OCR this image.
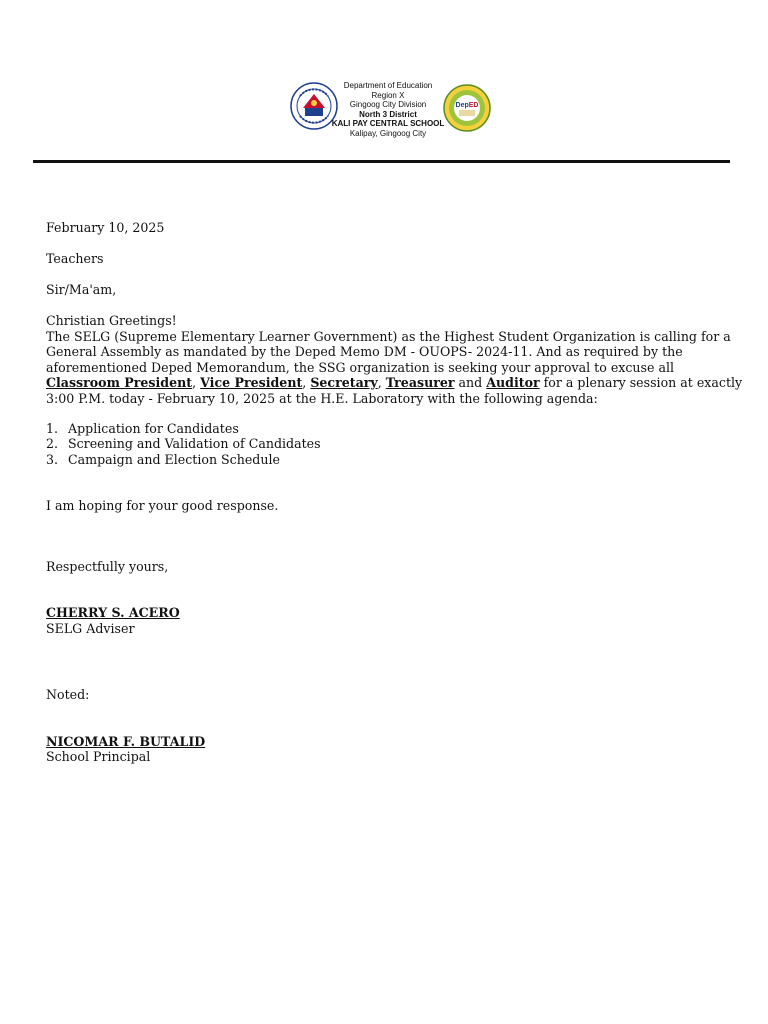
Department of Education
Region X
Gingoog City Division
North 3 District
KALI PAY CENTRAL SCHOOL
Kalipay, Gingoog City
DepED
February 10, 2025
Teachers
Sir/Ma'am,
Christian Greetings!
The SELG (Supreme Elementary Learner Government) as the Highest Student Organization is calling for a
General Assembly as mandated by the Deped Memo DM - OUOPS- 2024-11. And as required by the
aforementioned Deped Memorandum, the SSG organization is seeking your approval to excuse all
Classroom President, Vice President, Secretary, Treasurer and Auditor for a plenary session at exactly
3:00 P.M. today - February 10, 2025 at the H.E. Laboratory with the following agenda:
1. Application for Candidates
2. Screening and Validation of Candidates
3. Campaign and Election Schedule
I am hoping for your good response.
Respectfully yours,
CHERRY S. ACERO
SELG Adviser
Noted:
NICOMAR F. BUTALID
School Principal
